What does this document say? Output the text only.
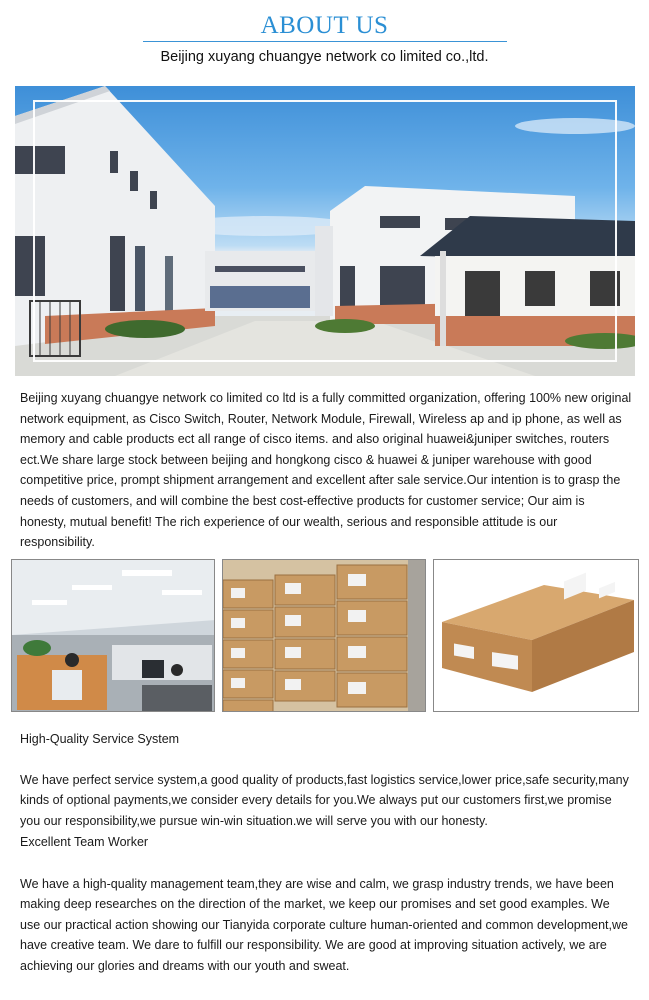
ABOUT US
Beijing xuyang chuangye network co limited co.,ltd.

Beijing xuyang chuangye network co limited co ltd is a fully committed organization, offering 100% new original network equipment, as Cisco Switch, Router, Network Module, Firewall, Wireless ap and ip phone, as well as memory and cable products ect all range of cisco items. and also original huawei&juniper switches, routers ect.We share large stock between beijing and hongkong cisco & huawei & juniper warehouse with good competitive price, prompt shipment arrangement and excellent after sale service.Our intention is to grasp the needs of customers, and will combine the best cost-effective products for customer service; Our aim is honesty, mutual benefit! The rich experience of our wealth, serious and responsible attitude is our responsibility.

High-Quality Service System

We have perfect service system,a good quality of products,fast logistics service,lower price,safe security,many kinds of optional payments,we consider every details for you.We always put our customers first,we promise you our responsibility,we pursue win-win situation.we will serve you with our honesty.

Excellent Team Worker

We have a high-quality management team,they are wise and calm, we grasp industry trends, we have been making deep researches on the direction of the market, we keep our promises and set good examples. We use our practical action showing our Tianyida corporate culture human-oriented and common development,we have creative team. We dare to fulfill our responsibility. We are good at improving situation actively, we are achieving our glories and dreams with our youth and sweat.
